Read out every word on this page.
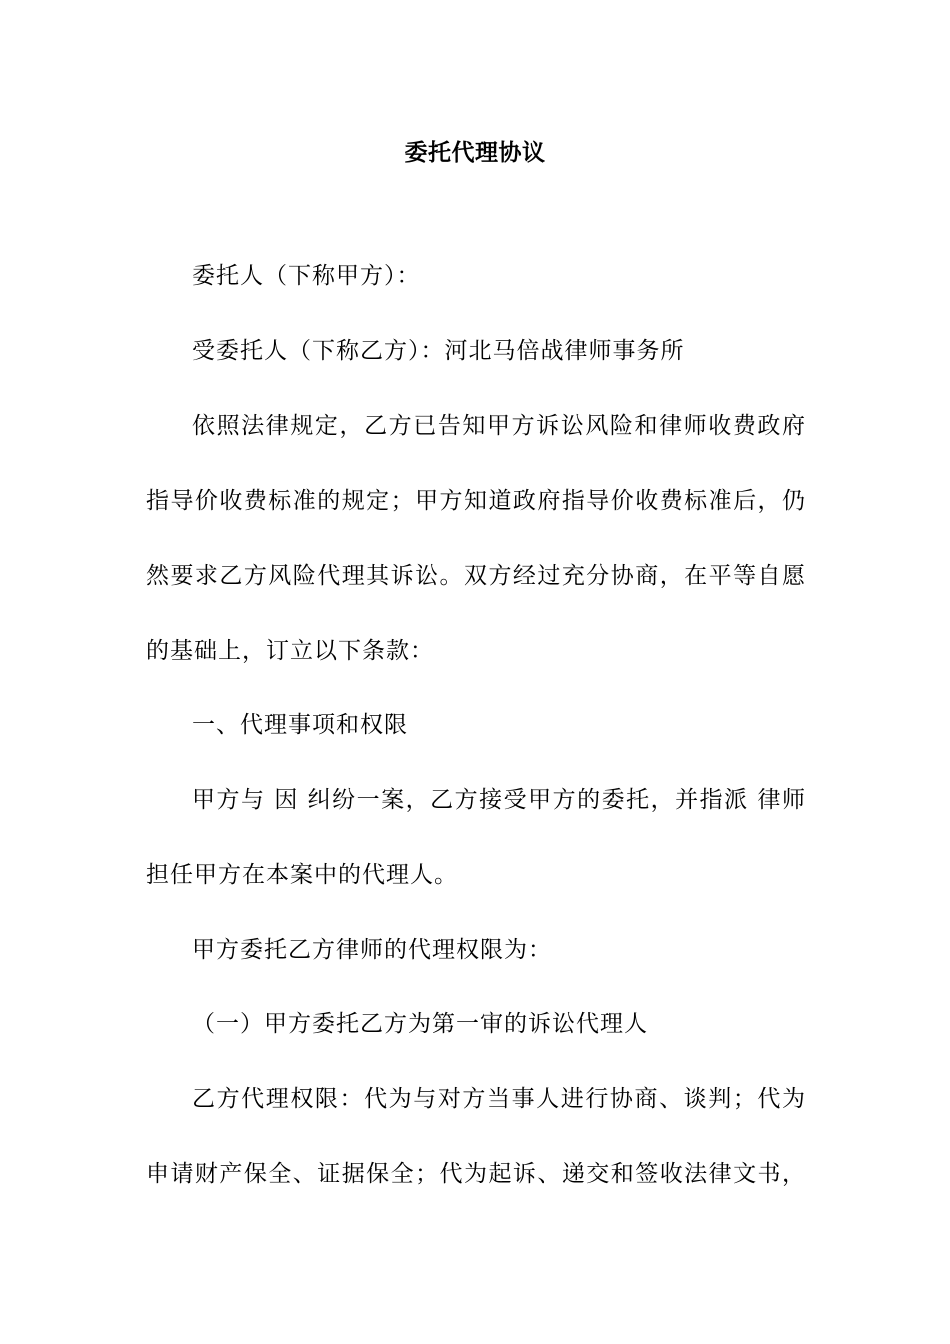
委托代理协议
委托人（下称甲方）：
受委托人（下称乙方）：河北马倍战律师事务所
依照法律规定，乙方已告知甲方诉讼风险和律师收费政府
指导价收费标准的规定；甲方知道政府指导价收费标准后，仍
然要求乙方风险代理其诉讼。双方经过充分协商，在平等自愿
的基础上，订立以下条款：
一、代理事项和权限
甲方与 因 纠纷一案，乙方接受甲方的委托，并指派 律师
担任甲方在本案中的代理人。
甲方委托乙方律师的代理权限为：
（一）甲方委托乙方为第一审的诉讼代理人
乙方代理权限：代为与对方当事人进行协商、谈判；代为
申请财产保全、证据保全；代为起诉、递交和签收法律文书，
